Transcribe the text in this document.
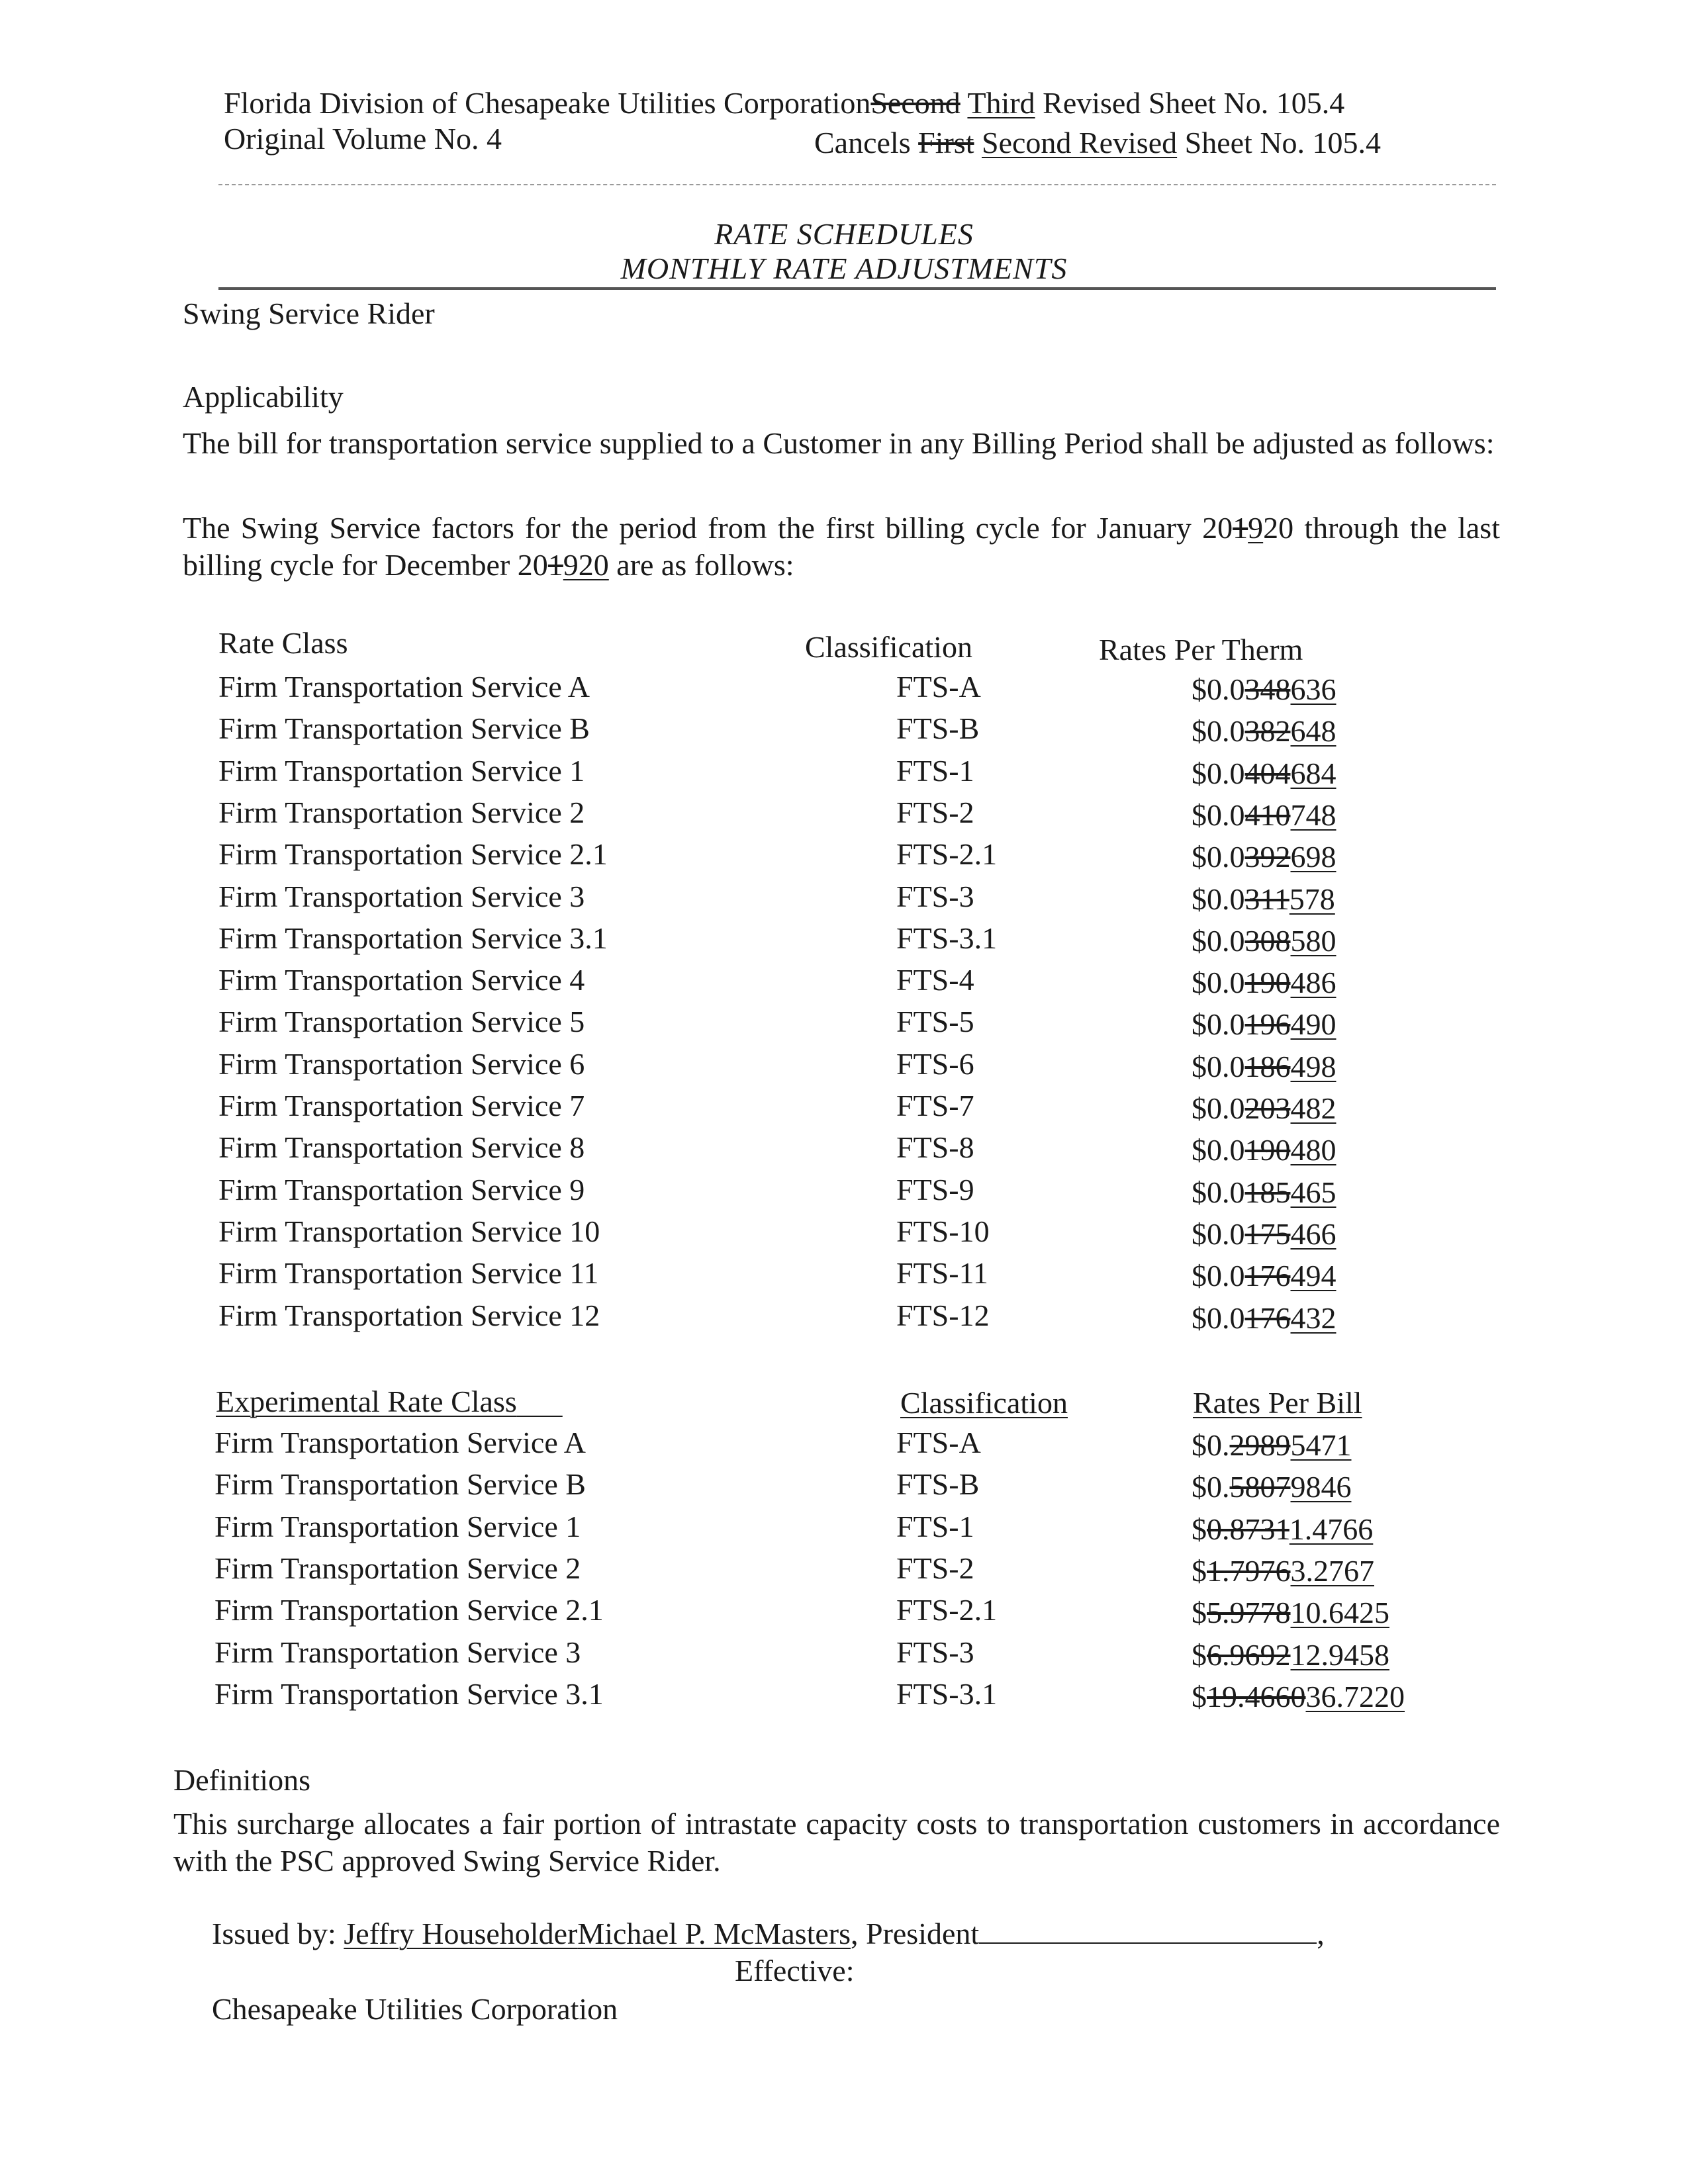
Florida Division of Chesapeake Utilities CorporationSecond Third Revised Sheet No. 105.4
Original Volume No. 4	Cancels First Second Revised Sheet No. 105.4
RATE SCHEDULES
MONTHLY RATE ADJUSTMENTS
Swing Service Rider
Applicability
The bill for transportation service supplied to a Customer in any Billing Period shall be adjusted as follows:
The Swing Service factors for the period from the first billing cycle for January 201920 through the last billing cycle for December 201920 are as follows:
Rate Class	Classification	Rates Per Therm
Firm Transportation Service A	FTS-A	$0.0348636
Firm Transportation Service B	FTS-B	$0.0382648
Firm Transportation Service 1	FTS-1	$0.0404684
Firm Transportation Service 2	FTS-2	$0.0410748
Firm Transportation Service 2.1	FTS-2.1	$0.0392698
Firm Transportation Service 3	FTS-3	$0.0311578
Firm Transportation Service 3.1	FTS-3.1	$0.0308580
Firm Transportation Service 4	FTS-4	$0.0190486
Firm Transportation Service 5	FTS-5	$0.0196490
Firm Transportation Service 6	FTS-6	$0.0186498
Firm Transportation Service 7	FTS-7	$0.0203482
Firm Transportation Service 8	FTS-8	$0.0190480
Firm Transportation Service 9	FTS-9	$0.0185465
Firm Transportation Service 10	FTS-10	$0.0175466
Firm Transportation Service 11	FTS-11	$0.0176494
Firm Transportation Service 12	FTS-12	$0.0176432
Experimental Rate Class	Classification	Rates Per Bill
Firm Transportation Service A	FTS-A	$0.29895471
Firm Transportation Service B	FTS-B	$0.58079846
Firm Transportation Service 1	FTS-1	$0.87311.4766
Firm Transportation Service 2	FTS-2	$1.79763.2767
Firm Transportation Service 2.1	FTS-2.1	$5.977810.6425
Firm Transportation Service 3	FTS-3	$6.969212.9458
Firm Transportation Service 3.1	FTS-3.1	$19.466036.7220
Definitions
This surcharge allocates a fair portion of intrastate capacity costs to transportation customers in accordance with the PSC approved Swing Service Rider.
Issued by: Jeffry HouseholderMichael P. McMasters, President	,
Effective:
Chesapeake Utilities Corporation
